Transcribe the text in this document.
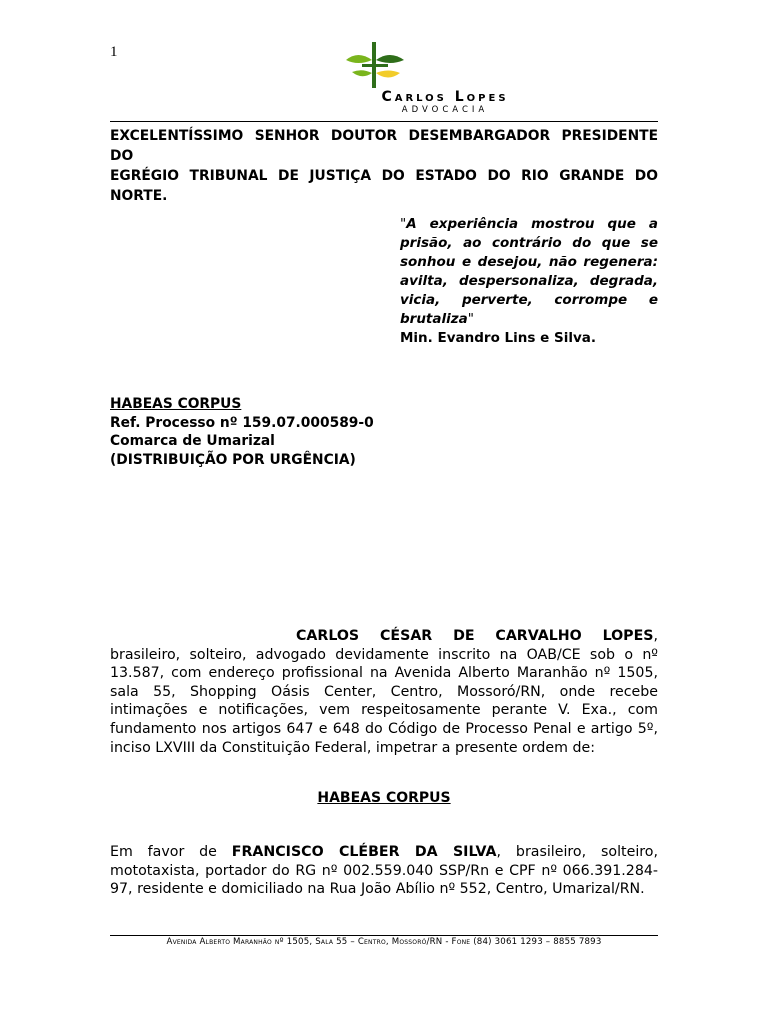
1
Carlos Lopes
ADVOCACIA
EXCELENTÍSSIMO SENHOR DOUTOR DESEMBARGADOR PRESIDENTE DO
EGRÉGIO TRIBUNAL DE JUSTIÇA DO ESTADO DO RIO GRANDE DO NORTE.
"A experiência mostrou que a prisão, ao contrário do que se sonhou e desejou, não regenera: avilta, despersonaliza, degrada, vicia, perverte, corrompe e brutaliza"
Min. Evandro Lins e Silva.
HABEAS CORPUS
Ref. Processo nº 159.07.000589-0
Comarca de Umarizal
(DISTRIBUIÇÃO POR URGÊNCIA)
CARLOS CÉSAR DE CARVALHO LOPES, brasileiro, solteiro, advogado devidamente inscrito na OAB/CE sob o nº 13.587, com endereço profissional na Avenida Alberto Maranhão nº 1505, sala 55, Shopping Oásis Center, Centro, Mossoró/RN, onde recebe intimações e notificações, vem respeitosamente perante V. Exa., com fundamento nos artigos 647 e 648 do Código de Processo Penal e artigo 5º, inciso LXVIII da Constituição Federal, impetrar a presente ordem de:
HABEAS CORPUS
Em favor de FRANCISCO CLÉBER DA SILVA, brasileiro, solteiro, mototaxista, portador do RG nº 002.559.040 SSP/Rn e CPF nº 066.391.284-97, residente e domiciliado na Rua João Abílio nº 552, Centro, Umarizal/RN.
Avenida Alberto Maranhão nº 1505, Sala 55 – Centro, Mossoró/RN - Fone (84) 3061 1293 – 8855 7893
